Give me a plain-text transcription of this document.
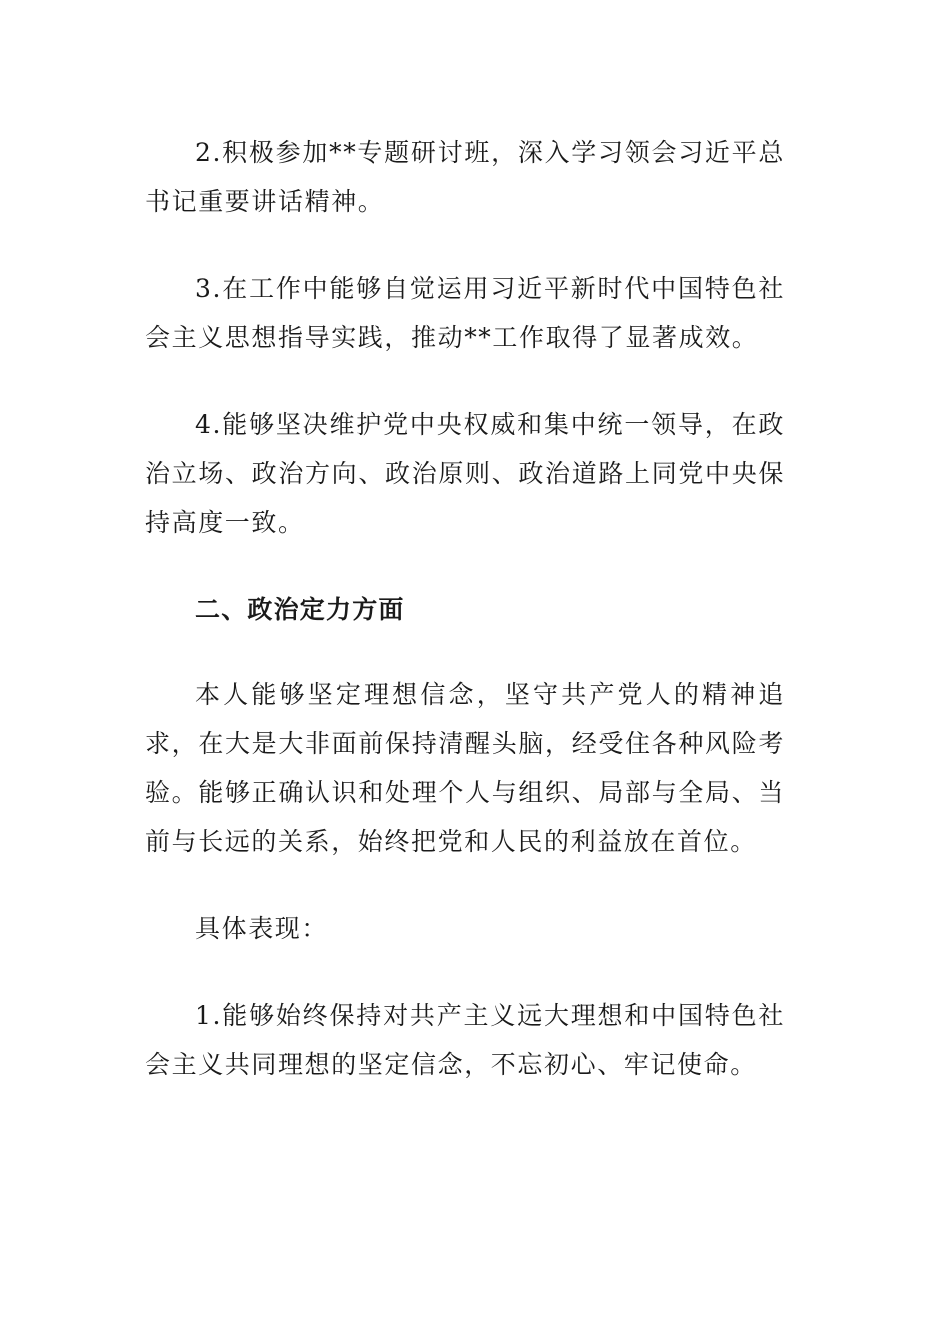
2.积极参加**专题研讨班，深入学习领会习近平总书记重要讲话精神。

3.在工作中能够自觉运用习近平新时代中国特色社会主义思想指导实践，推动**工作取得了显著成效。

4.能够坚决维护党中央权威和集中统一领导，在政治立场、政治方向、政治原则、政治道路上同党中央保持高度一致。

二、政治定力方面

本人能够坚定理想信念，坚守共产党人的精神追求，在大是大非面前保持清醒头脑，经受住各种风险考验。能够正确认识和处理个人与组织、局部与全局、当前与长远的关系，始终把党和人民的利益放在首位。

具体表现：

1.能够始终保持对共产主义远大理想和中国特色社会主义共同理想的坚定信念，不忘初心、牢记使命。
